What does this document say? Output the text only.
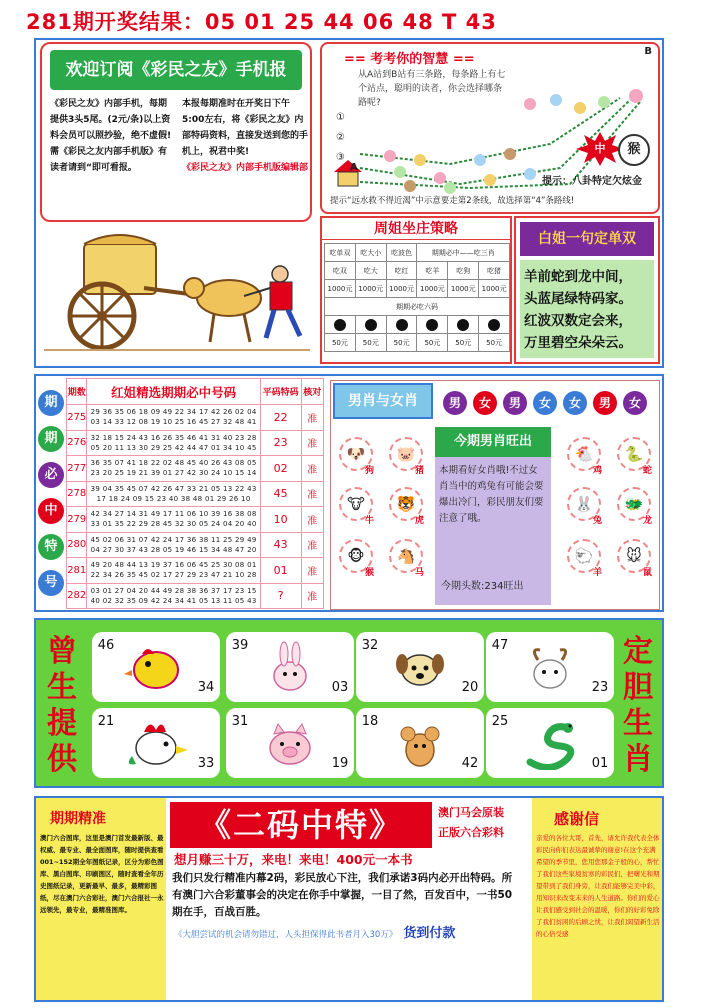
281期开奖结果：05 01 25 44 06 48 T 43
欢迎订阅《彩民之友》手机报
《彩民之友》内部手机，每期提供3头5尾。(2元/条)以上资料会员可以照抄验，绝不虚假!需《彩民之友内部手机版》有读者请到“即可看报。
本报每期准时在开奖日下午5:00左右，将《彩民之友》内部特码资料，直接发送到您的手机上，祝君中奖!
《彩民之友》内部手机版编辑部
== 考考你的智慧 ==
B
从A站到B站有三条路，每条路上有七个站点，聪明的读者，你会选择哪条路呢?
①
②
③
A
中	猴
提示：八卦特定欠炫金
提示“远水救不得近渴”中示意要走第2条线，故选择第“4”条路线!
周姐坐庄策略
吃单双	吃大小	吃波色	期期必中——吃三肖		
吃双	吃大	吃红	吃羊	吃狗	吃猪
1000元	1000元	1000元	1000元	1000元	1000元
期期必吃六码					

50元	50元	50元	50元	50元	50元
白姐一句定单双
羊前蛇到龙中间，
头蓝尾绿特码家。
红波双数定会来，
万里碧空朵朵云。
期
期
必
中
特
号
期数	红姐精选期期必中号码	平码特码	核对
275	29 36 35 06 18 09 49 22 34 17 42 26 02 04
03 14 33 12 08 19 10 25 16 45 27 32 48 41	22	准
276	32 18 15 24 43 16 26 35 46 41 31 40 23 28
05 20 11 13 30 29 25 42 44 47 01 34 10 45	23	准
277	36 35 07 41 18 22 02 48 45 40 26 43 08 05
23 20 25 19 21 39 01 27 42 30 24 10 15 14	02	准
278	39 04 35 45 07 42 26 47 33 21 05 13 22 43
17 18 24 09 15 23 40 38 48 01 29 26 10	45	准
279	42 34 27 14 31 49 17 11 06 10 39 16 38 08
33 01 35 22 29 28 45 32 30 05 24 04 20 40	10	准
280	45 02 06 31 07 42 24 17 36 38 11 25 29 49
04 27 30 37 43 28 05 19 46 15 34 48 47 20	43	准
281	49 20 48 44 13 19 37 16 06 45 25 30 08 01
22 34 26 35 45 02 17 27 29 23 47 21 10 28	01	准
282	03 01 27 04 20 44 49 28 38 36 37 17 23 15
40 02 32 35 09 42 24 34 41 05 13 11 05 43	?	准
男肖与女肖	男	女	男	女	女	男	女
🐶
狗
🐷
猪
🐮
牛
🐯
虎
🐵
猴
🐴
马
今期男肖旺出
本期看好女肖哦!不过女肖当中的鸡兔有可能会要爆出冷门，彩民朋友们要注意了哦。
今期头数:234旺出
🐔
鸡
🐍
蛇
🐰
兔
🐲
龙
🐑
羊
🐭
鼠
曾
生
提
供
定
胆
生
肖
46
34
39
03
32
20
47
23
21
33
31
19
18
42
25
01
期期精准
澳门六合图库，这里是澳门首发最新版、最权威、最专业、最全面图库，随时提供查看001~152期全年图纸记录，区分为彩色图库、黑白图库、印刷图区，随时查看全年历史图纸记录，更新最早、最多，最精彩图纸，尽在澳门六合彩社，澳门六合报社一永远领先，最专业，最精准图库。
《二码中特》	澳门马会原装
正版六合彩料
想月赚三十万，来电！来电！400元一本书
我们只发行精准内幕2码，彩民放心下注，我们承诺3码内必开出特码。所有澳门六合彩董事会的决定在你手中掌握，一目了然，百发百中，一书50期在手，百战百胜。
《大胆尝试的机会请勿错过，人头担保得此书者月入30万》 货到付款
感谢信
亲爱的各位大哥，首先，请允许我代表全体彩民向你们表达最诚挚的谢意!在这个充满希望的季节里，您用您那金子般的心，帮忙了我们这些家境贫寒的彩民们，把曙光和期望带到了我们身旁，让我们能够完美中彩，用知识来改变未来的人生道路。你们的爱心让我们感受到社会的温暖，你们的好彩免除了我们贫困的后顾之忧，让我们渴望新生活的心倍受感
